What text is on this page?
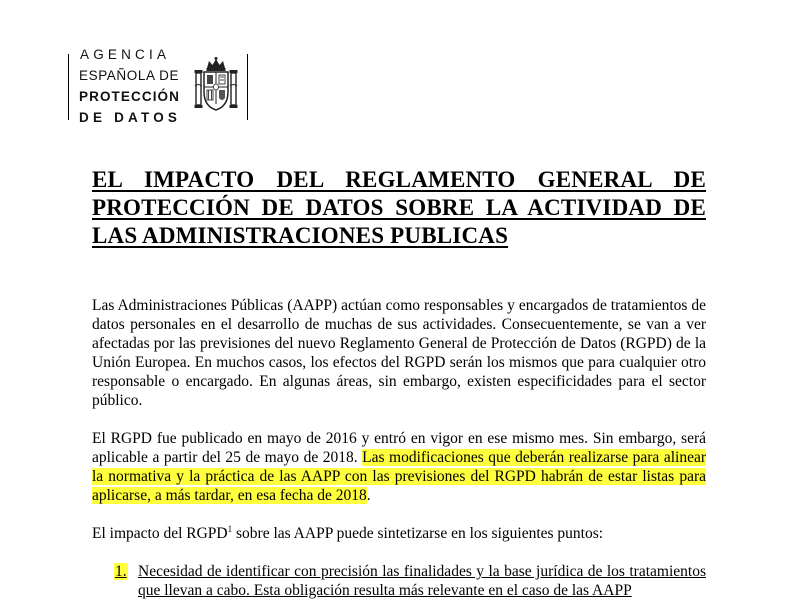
AGENCIA
ESPAÑOLA DE
PROTECCIÓN
DE DATOS
EL IMPACTO DEL REGLAMENTO GENERAL DE PROTECCIÓN DE DATOS SOBRE LA ACTIVIDAD DE LAS ADMINISTRACIONES PUBLICAS

Las Administraciones Públicas (AAPP) actúan como responsables y encargados de tratamientos de datos personales en el desarrollo de muchas de sus actividades. Consecuentemente, se van a ver afectadas por las previsiones del nuevo Reglamento General de Protección de Datos (RGPD) de la Unión Europea. En muchos casos, los efectos del RGPD serán los mismos que para cualquier otro responsable o encargado. En algunas áreas, sin embargo, existen especificidades para el sector público.

El RGPD fue publicado en mayo de 2016 y entró en vigor en ese mismo mes. Sin embargo, será aplicable a partir del 25 de mayo de 2018. Las modificaciones que deberán realizarse para alinear la normativa y la práctica de las AAPP con las previsiones del RGPD habrán de estar listas para aplicarse, a más tardar, en esa fecha de 2018.

El impacto del RGPD$^1$ sobre las AAPP puede sintetizarse en los siguientes puntos:

1. Necesidad de identificar con precisión las finalidades y la base jurídica de los tratamientos que llevan a cabo. Esta obligación resulta más relevante en el caso de las AAPP
